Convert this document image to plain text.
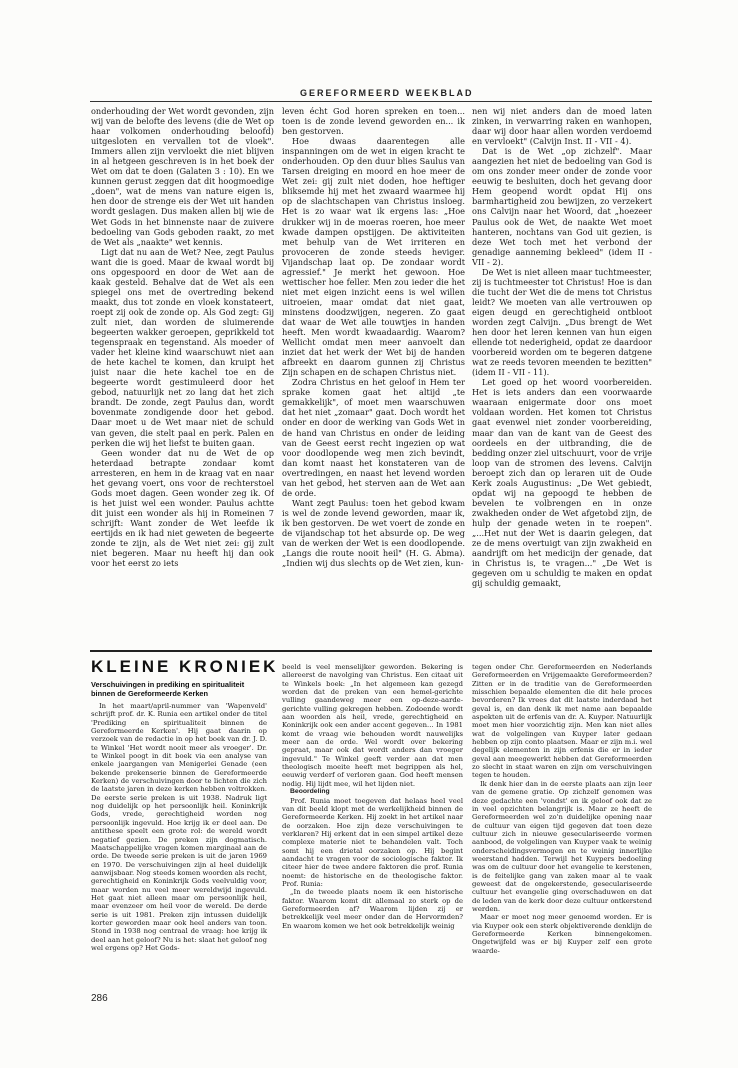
GEREFORMEERD WEEKBLAD

onderhouding der Wet wordt gevonden, zijn wij van de belofte des levens (die de Wet op haar volkomen onderhouding beloofd) uitgesloten en vervallen tot de vloek". Immers allen zijn vervloekt die niet blijven in al hetgeen geschreven is in het boek der Wet om dat te doen (Galaten 3 : 10). En we kunnen gerust zeggen dat dit hoogmoedige „doen", wat de mens van nature eigen is, hen door de strenge eis der Wet uit handen wordt geslagen. Dus maken allen bij wie de Wet Gods in het binnenste naar de zuivere bedoeling van Gods geboden raakt, zo met de Wet als „naakte" wet kennis.

Ligt dat nu aan de Wet? Nee, zegt Paulus want die is goed. Maar de kwaal wordt bij ons opgespoord en door de Wet aan de kaak gesteld. Behalve dat de Wet als een spiegel ons met de overtreding bekend maakt, dus tot zonde en vloek konstateert, roept zij ook de zonde op. Als God zegt: Gij zult niet, dan worden de sluimerende begeerten wakker geroepen, geprikkeld tot tegenspraak en tegenstand. Als moeder of vader het kleine kind waarschuwt niet aan de hete kachel te komen, dan kruipt het juist naar die hete kachel toe en de begeerte wordt gestimuleerd door het gebod, natuurlijk net zo lang dat het zich brandt. De zonde, zegt Paulus dan, wordt bovenmate zondigende door het gebod. Daar moet u de Wet maar niet de schuld van geven, die stelt paal en perk. Palen en perken die wij het liefst te buiten gaan.

Geen wonder dat nu de Wet de op heterdaad betrapte zondaar komt arresteren, en hem in de kraag vat en naar het gevang voert, ons voor de rechterstoel Gods moet dagen. Geen wonder zeg ik. Of is het juist wel een wonder. Paulus achtte dit juist een wonder als hij in Romeinen 7 schrijft: Want zonder de Wet leefde ik eertijds en ik had niet geweten de begeerte zonde te zijn, als de Wet niet zei: gij zult niet begeren. Maar nu heeft hij dan ook voor het eerst zo iets

leven écht God horen spreken en toen... toen is de zonde levend geworden en... ik ben gestorven.

Hoe dwaas daarentegen alle inspanningen om de wet in eigen kracht te onderhouden. Op den duur blies Saulus van Tarsen dreiging en moord en hoe meer de Wet zei: gij zult niet doden, hoe heftiger bliksemde hij met het zwaard waarmee hij op de slachtschapen van Christus insloeg. Het is zo waar wat ik ergens las: „Hoe drukker wij in de moeras roeren, hoe meer kwade dampen opstijgen. De aktiviteiten met behulp van de Wet irriteren en provoceren de zonde steeds heviger. Vijandschap laat op. De zondaar wordt agressief." Je merkt het gewoon. Hoe wettischer hoe feller. Men zou ieder die het niet met eigen inzicht eens is wel willen uitroeien, maar omdat dat niet gaat, minstens doodzwijgen, negeren. Zo gaat dat waar de Wet alle touwtjes in handen heeft. Men wordt kwaadaardig. Waarom? Wellicht omdat men meer aanvoelt dan inziet dat het werk der Wet bij de handen afbreekt en daarom gunnen zij Christus Zijn schapen en de schapen Christus niet.

Zodra Christus en het geloof in Hem ter sprake komen gaat het altijd „te gemakkelijk", of moet men waarschuwen dat het niet „zomaar" gaat. Doch wordt het onder en door de werking van Gods Wet in de hand van Christus en onder de leiding van de Geest eerst recht ingezien op wat voor doodlopende weg men zich bevindt, dan komt naast het konstateren van de overtredingen, en naast het levend worden van het gebod, het sterven aan de Wet aan de orde.

Want zegt Paulus: toen het gebod kwam is wel de zonde levend geworden, maar ik, ik ben gestorven. De wet voert de zonde en de vijandschap tot het absurde op. De weg van de werken der Wet is een doodlopende. „Langs die route nooit heil" (H. G. Abma). „Indien wij dus slechts op de Wet zien, kun-

nen wij niet anders dan de moed laten zinken, in verwarring raken en wanhopen, daar wij door haar allen worden verdoemd en vervloekt" (Calvijn Inst. II - VII - 4).

Dat is de Wet „op zichzelf". Maar aangezien het niet de bedoeling van God is om ons zonder meer onder de zonde voor eeuwig te besluiten, doch het gevang door Hem geopend wordt opdat Hij ons barmhartigheid zou bewijzen, zo verzekert ons Calvijn naar het Woord, dat „hoezeer Paulus ook de Wet, de naakte Wet moet hanteren, nochtans van God uit gezien, is deze Wet toch met het verbond der genadige aanneming bekleed" (idem II - VII - 2).

De Wet is niet alleen maar tuchtmeester, zij is tuchtmeester tot Christus! Hoe is dan die tucht der Wet die de mens tot Christus leidt? We moeten van alle vertrouwen op eigen deugd en gerechtigheid ontbloot worden zegt Calvijn. „Dus brengt de Wet hen door het leren kennen van hun eigen ellende tot nederigheid, opdat ze daardoor voorbereid worden om te begeren datgene wat ze reeds tevoren meenden te bezitten" (idem II - VII - 11).

Let goed op het woord voorbereiden. Het is iets anders dan een voorwaarde waaraan enigermate door ons moet voldaan worden. Het komen tot Christus gaat evenwel niet zonder voorbereiding, maar dan van de kant van de Geest des oordeels en der uitbranding, die de bedding onzer ziel uitschuurt, voor de vrije loop van de stromen des levens. Calvijn beroept zich dan op leraren uit de Oude Kerk zoals Augustinus: „De Wet gebiedt, opdat wij na gepoogd te hebben de bevelen te volbrengen en in onze zwakheden onder de Wet afgetobd zijn, de hulp der genade weten in te roepen". „...Het nut der Wet is daarin gelegen, dat ze de mens overtuigt van zijn zwakheid en aandrijft om het medicijn der genade, dat in Christus is, te vragen..." „De Wet is gegeven om u schuldig te maken en opdat gij schuldig gemaakt,

KLEINE KRONIEK
Verschuivingen in prediking en spiritualiteit binnen de Gereformeerde Kerken

In het maart/april-nummer van 'Wapenveld' schrijft prof. dr. K. Runia een artikel onder de titel 'Prediking en spiritualiteit binnen de Gereformeerde Kerken'. Hij gaat daarin op verzoek van de redactie in op het boek van dr. J. D. te Winkel 'Het wordt nooit meer als vroeger'. Dr. te Winkel poogt in dit boek via een analyse van enkele jaargangen van Menigerlei Genade (een bekende prekenserie binnen de Gereformeerde Kerken) de verschuivingen door te lichten die zich de laatste jaren in deze kerken hebben voltrokken. De eerste serie preken is uit 1938. Nadruk ligt nog duidelijk op het persoonlijk heil. Koninkrijk Gods, vrede, gerechtigheid worden nog persoonlijk ingevuld. Hoe krijg ik er deel aan. De antithese speelt een grote rol: de wereld wordt negatief gezien. De preken zijn dogmatisch. Maatschappelijke vragen komen marginaal aan de orde. De tweede serie preken is uit de jaren 1969 en 1970. De verschuivingen zijn al heel duidelijk aanwijsbaar. Nog steeds komen woorden als recht, gerechtigheid en Koninkrijk Gods veelvuldig voor, maar worden nu veel meer wereldwijd ingevuld. Het gaat niet alleen maar om persoonlijk heil, maar evenzeer om heil voor de wereld. De derde serie is uit 1981. Preken zijn intussen duidelijk korter geworden maar ook heel anders van toon. Stond in 1938 nog centraal de vraag: hoe krijg ik deel aan het geloof? Nu is het: slaat het geloof nog wel ergens op? Het Gods-

beeld is veel menselijker geworden. Bekering is allereerst de navolging van Christus. Een citaat uit te Winkels boek: „In het algemeen kan gezegd worden dat de preken van een hemel-gerichte vulling gaandeweg meer een op-deze-aarde-gerichte vulling gekregen hebben. Zodoende wordt aan woorden als heil, vrede, gerechtigheid en Koninkrijk ook een ander accent gegeven... In 1981 komt de vraag wie behouden wordt nauwelijks meer aan de orde. Wel wordt over bekering gepraat, maar ook dat wordt anders dan vroeger ingevuld." Te Winkel geeft verder aan dat men theologisch moeite heeft met begrippen als hel, eeuwig verderf of verloren gaan. God heeft mensen nodig. Hij lijdt mee, wil het lijden niet.

Beoordeling

Prof. Runia moet toegeven dat helaas heel veel van dit beeld klopt met de werkelijkheid binnen de Gereformeerde Kerken. Hij zoekt in het artikel naar de oorzaken. Hoe zijn deze verschuivingen te verklaren? Hij erkent dat in een simpel artikel deze complexe materie niet te behandelen valt. Toch somt hij een drietal oorzaken op. Hij begint aandacht te vragen voor de sociologische faktor. Ik citeer hier de twee andere faktoren die prof. Runia noemt: de historische en de theologische faktor. Prof. Runia:

„In de tweede plaats noem ik een historische faktor. Waarom komt dit allemaal zo sterk op de Gereformeerden af? Waarom lijden zij er betrekkelijk veel meer onder dan de Hervormden? En waarom komen we het ook betrekkelijk weinig

tegen onder Chr. Gereformeerden en Nederlands Gereformeerden en Vrijgemaakte Gereformeerden? Zitten er in de traditie van de Gereformeerden misschien bepaalde elementen die dit hele proces bevorderen? Ik vrees dat dit laatste inderdaad het geval is, en dan denk ik met name aan bepaalde aspekten uit de erfenis van dr. A. Kuyper. Natuurlijk moet men hier voorzichtig zijn. Men kan niet alles wat de volgelingen van Kuyper later gedaan hebben op zijn conto plaatsen. Maar er zijn m.i. wel degelijk elementen in zijn erfenis die er in ieder geval aan meegewerkt hebben dat Gereformeerden zo slecht in staat waren en zijn om verschuivingen tegen te houden.

Ik denk hier dan in de eerste plaats aan zijn leer van de gemene gratie. Op zichzelf genomen was deze gedachte een 'vondst' en ik geloof ook dat ze in veel opzichten belangrijk is. Maar ze heeft de Gereformeerden wel zo'n duidelijke opening naar de cultuur van eigen tijd gegeven dat toen deze cultuur zich in nieuwe geseculariseerde vormen aanbood, de volgelingen van Kuyper vaak te weinig onderscheidingsvermogen en te weinig innerlijke weerstand hadden. Terwijl het Kuypers bedoeling was om de cultuur door het evangelie te kerstenen, is de feitelijke gang van zaken maar al te vaak geweest dat de ongekerstende, geseculariseerde cultuur het evangelie ging overschaduwen en dat de leden van de kerk door deze cultuur ontkerstend werden.

Maar er moet nog meer genoemd worden. Er is via Kuyper ook een sterk objektiverende denklijn de Gereformeerde Kerken binnengekomen. Ongetwijfeld was er bij Kuyper zelf een grote waarde-

286
